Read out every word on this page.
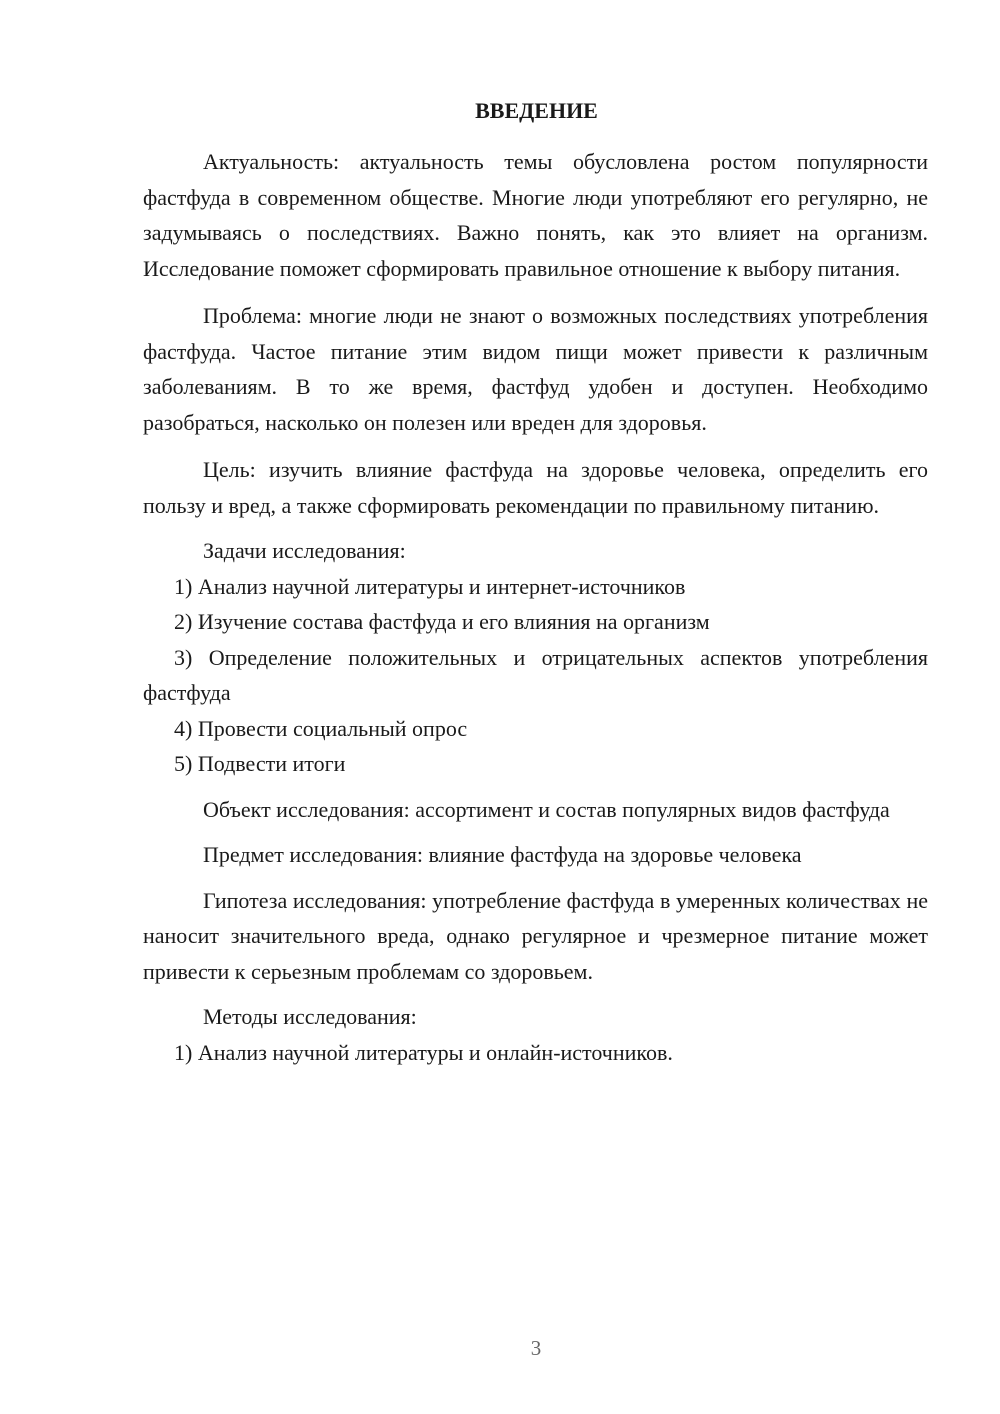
ВВЕДЕНИЕ

Актуальность: актуальность темы обусловлена ростом популярности фастфуда в современном обществе. Многие люди употребляют его регулярно, не задумываясь о последствиях. Важно понять, как это влияет на организм. Исследование поможет сформировать правильное отношение к выбору питания.

Проблема: многие люди не знают о возможных последствиях употребления фастфуда. Частое питание этим видом пищи может привести к различным заболеваниям. В то же время, фастфуд удобен и доступен. Необходимо разобраться, насколько он полезен или вреден для здоровья.

Цель: изучить влияние фастфуда на здоровье человека, определить его пользу и вред, а также сформировать рекомендации по правильному питанию.

Задачи исследования:

1) Анализ научной литературы и интернет-источников

2) Изучение состава фастфуда и его влияния на организм

3) Определение положительных и отрицательных аспектов употребления фастфуда

4) Провести социальный опрос

5) Подвести итоги

Объект исследования: ассортимент и состав популярных видов фастфуда

Предмет исследования: влияние фастфуда на здоровье человека

Гипотеза исследования: употребление фастфуда в умеренных количествах не наносит значительного вреда, однако регулярное и чрезмерное питание может привести к серьезным проблемам со здоровьем.

Методы исследования:

1) Анализ научной литературы и онлайн-источников.

3
